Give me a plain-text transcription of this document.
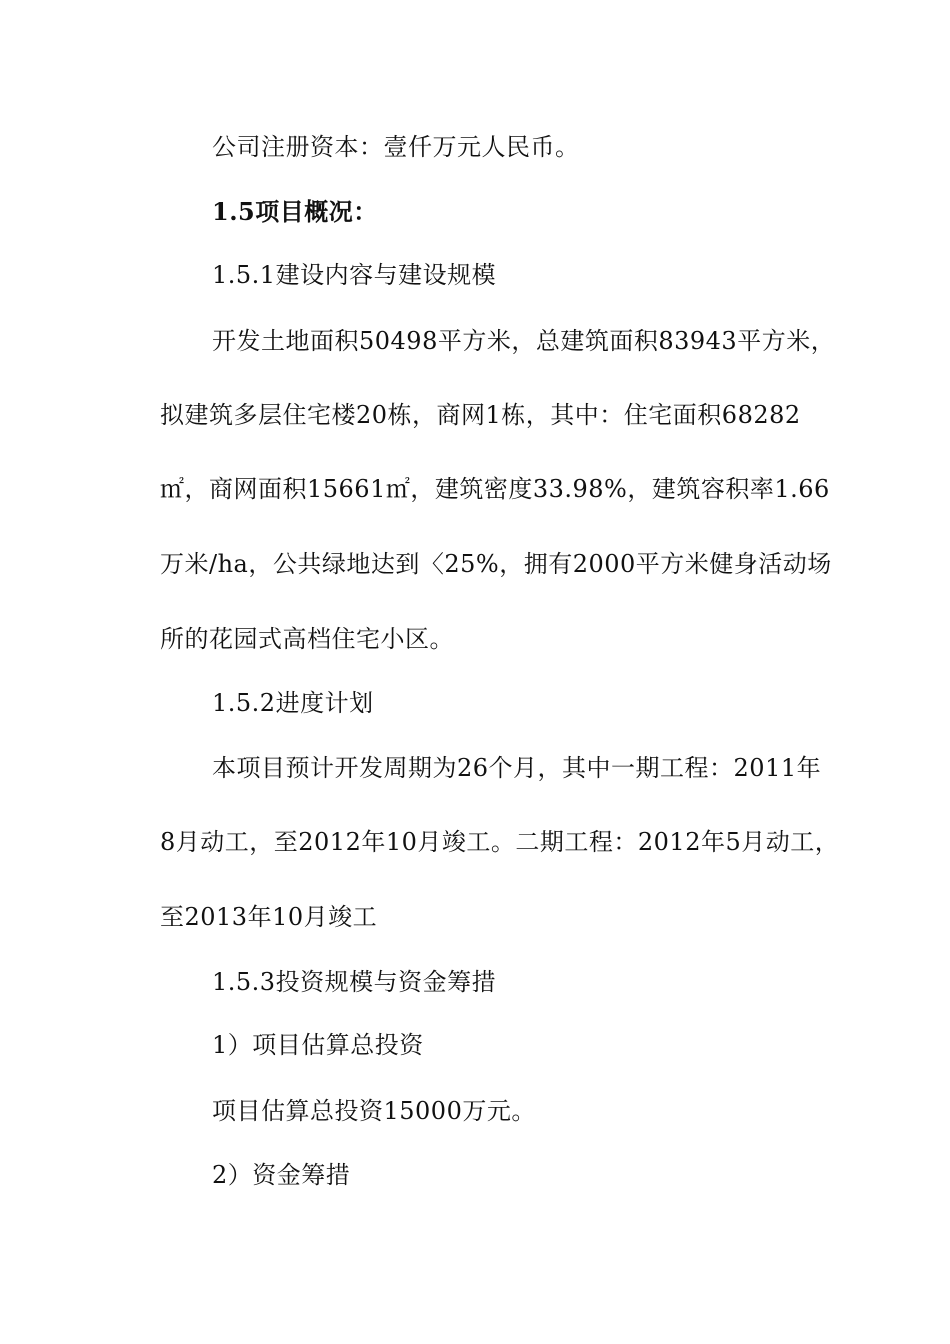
公司注册资本：壹仟万元人民币。
1.5项目概况：
1.5.1建设内容与建设规模
开发土地面积50498平方米，总建筑面积83943平方米，
拟建筑多层住宅楼20栋，商网1栋，其中：住宅面积68282
㎡，商网面积15661㎡，建筑密度33.98%，建筑容积率1.66
万米/ha，公共绿地达到〈25%，拥有2000平方米健身活动场
所的花园式高档住宅小区。
1.5.2进度计划
本项目预计开发周期为26个月，其中一期工程：2011年
8月动工，至2012年10月竣工。二期工程：2012年5月动工，
至2013年10月竣工
1.5.3投资规模与资金筹措
1）项目估算总投资
项目估算总投资15000万元。
2）资金筹措
